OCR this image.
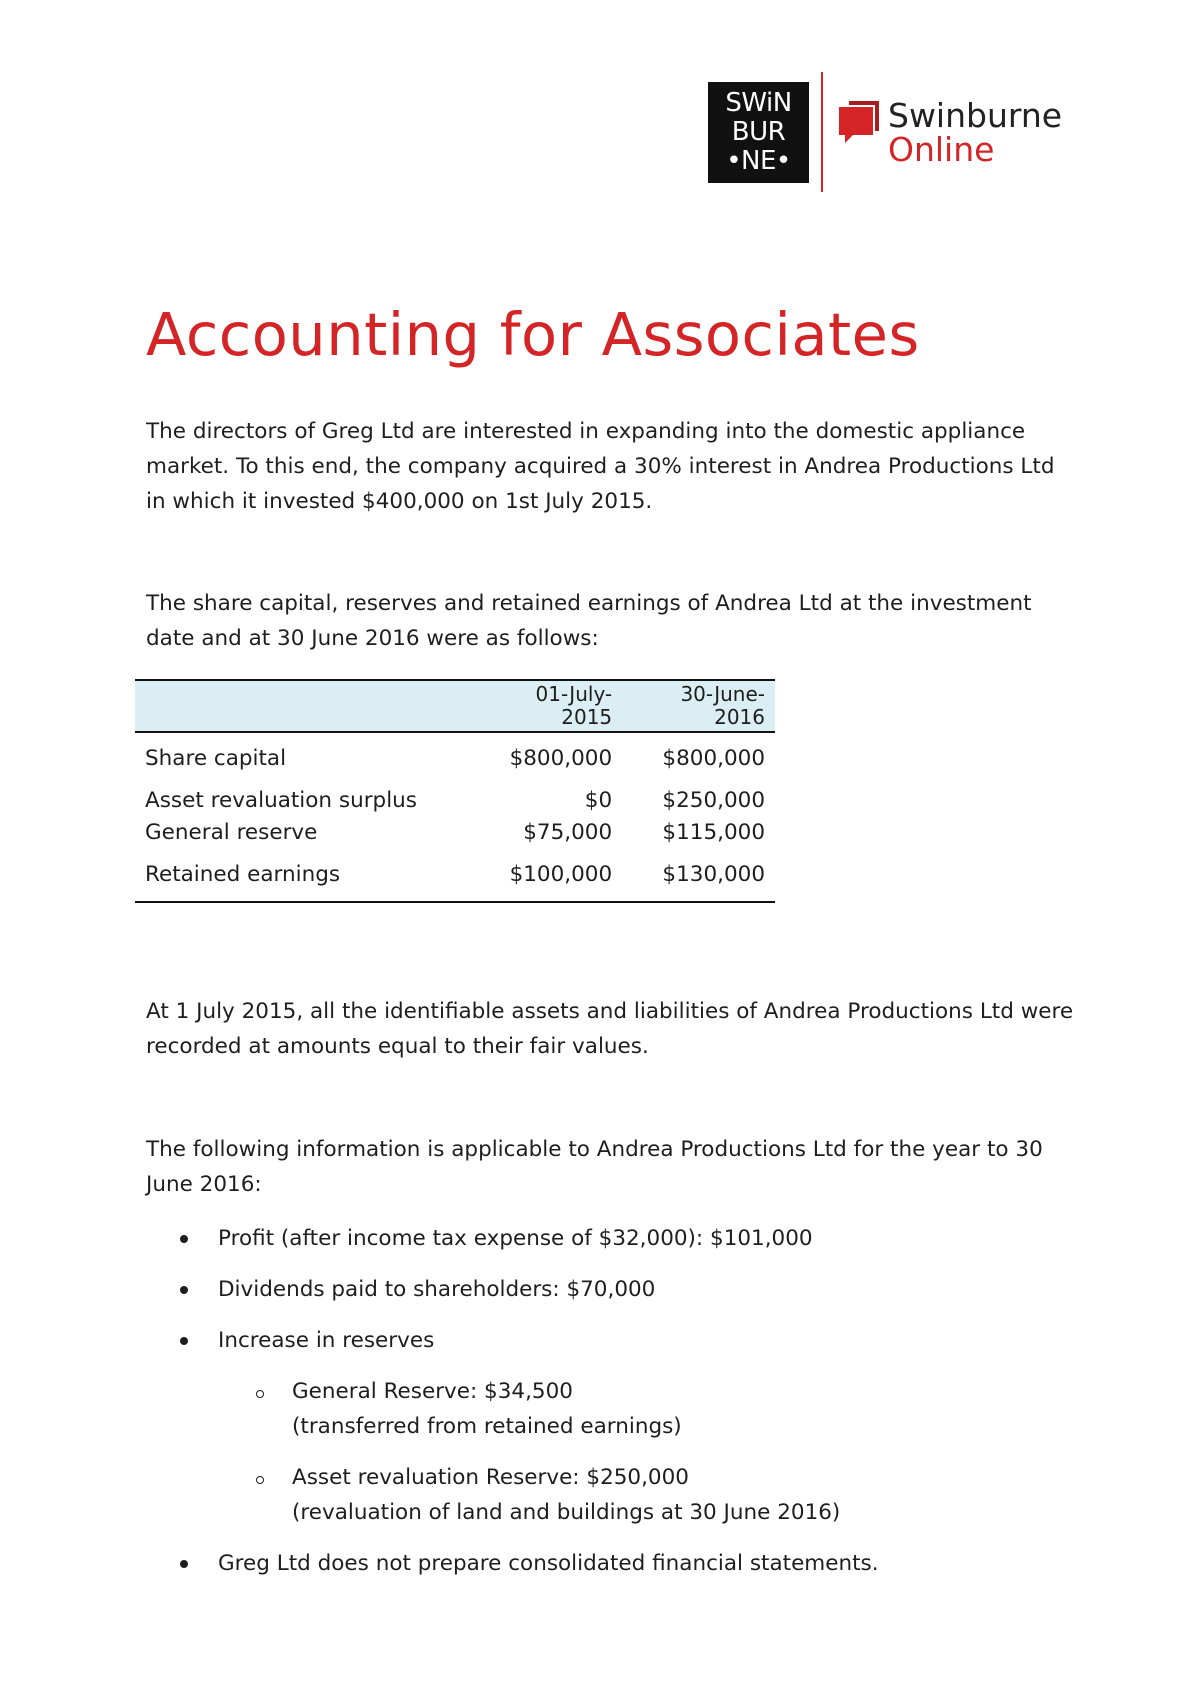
SWiN
BUR
•NE•
Swinburne
Online
Accounting for Associates

The directors of Greg Ltd are interested in expanding into the domestic appliance market. To this end, the company acquired a 30% interest in Andrea Productions Ltd in which it invested $400,000 on 1st July 2015.

The share capital, reserves and retained earnings of Andrea Ltd at the investment date and at 30 June 2016 were as follows:

	01-July-2015	30-June-2016
Share capital	$800,000	$800,000
Asset revaluation surplus	$0	$250,000
General reserve	$75,000	$115,000
Retained earnings	$100,000	$130,000

At 1 July 2015, all the identifiable assets and liabilities of Andrea Productions Ltd were recorded at amounts equal to their fair values.

The following information is applicable to Andrea Productions Ltd for the year to 30 June 2016:

Profit (after income tax expense of $32,000): $101,000
Dividends paid to shareholders: $70,000
Increase in reserves
General Reserve: $34,500
(transferred from retained earnings)
Asset revaluation Reserve: $250,000
(revaluation of land and buildings at 30 June 2016)
Greg Ltd does not prepare consolidated financial statements.
